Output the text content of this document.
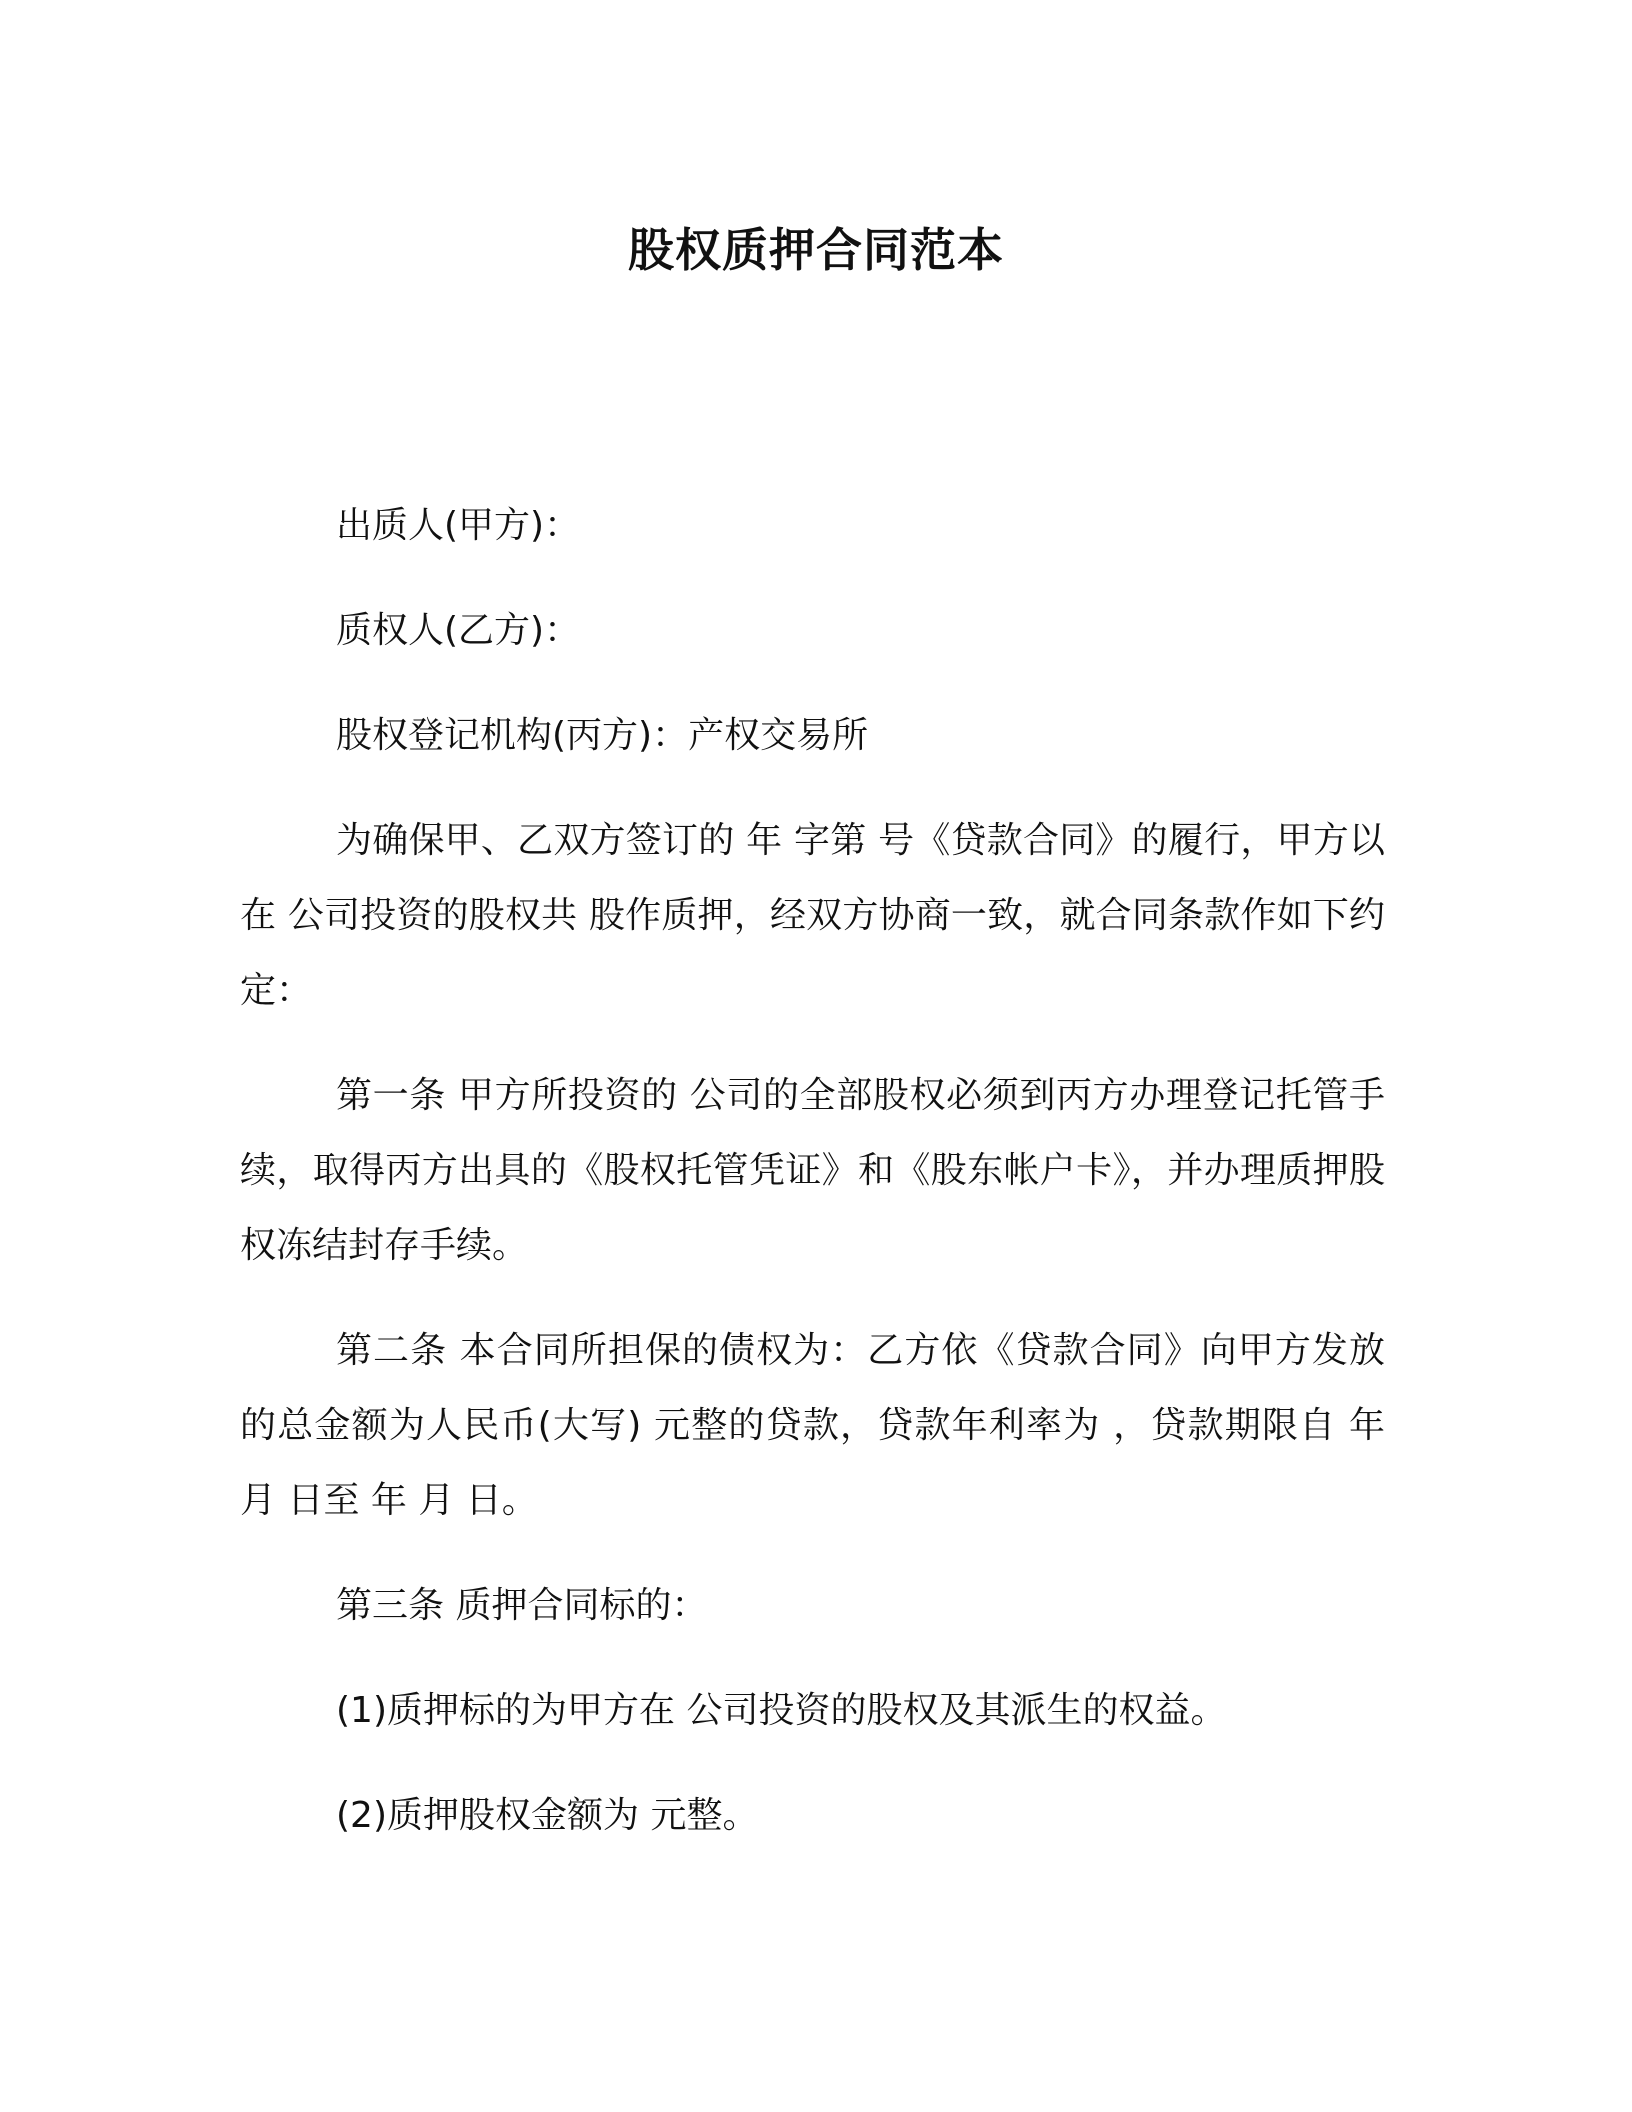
股权质押合同范本

出质人(甲方)：

质权人(乙方)：

股权登记机构(丙方)：产权交易所

为确保甲、乙双方签订的 年 字第 号《贷款合同》的履行，甲方以在 公司投资的股权共 股作质押，经双方协商一致，就合同条款作如下约定：

第一条 甲方所投资的 公司的全部股权必须到丙方办理登记托管手续，取得丙方出具的《股权托管凭证》和《股东帐户卡》，并办理质押股权冻结封存手续。

第二条 本合同所担保的债权为：乙方依《贷款合同》向甲方发放的总金额为人民币(大写) 元整的贷款，贷款年利率为 ，贷款期限自 年 月 日至 年 月 日。

第三条 质押合同标的：

(1)质押标的为甲方在 公司投资的股权及其派生的权益。

(2)质押股权金额为 元整。
